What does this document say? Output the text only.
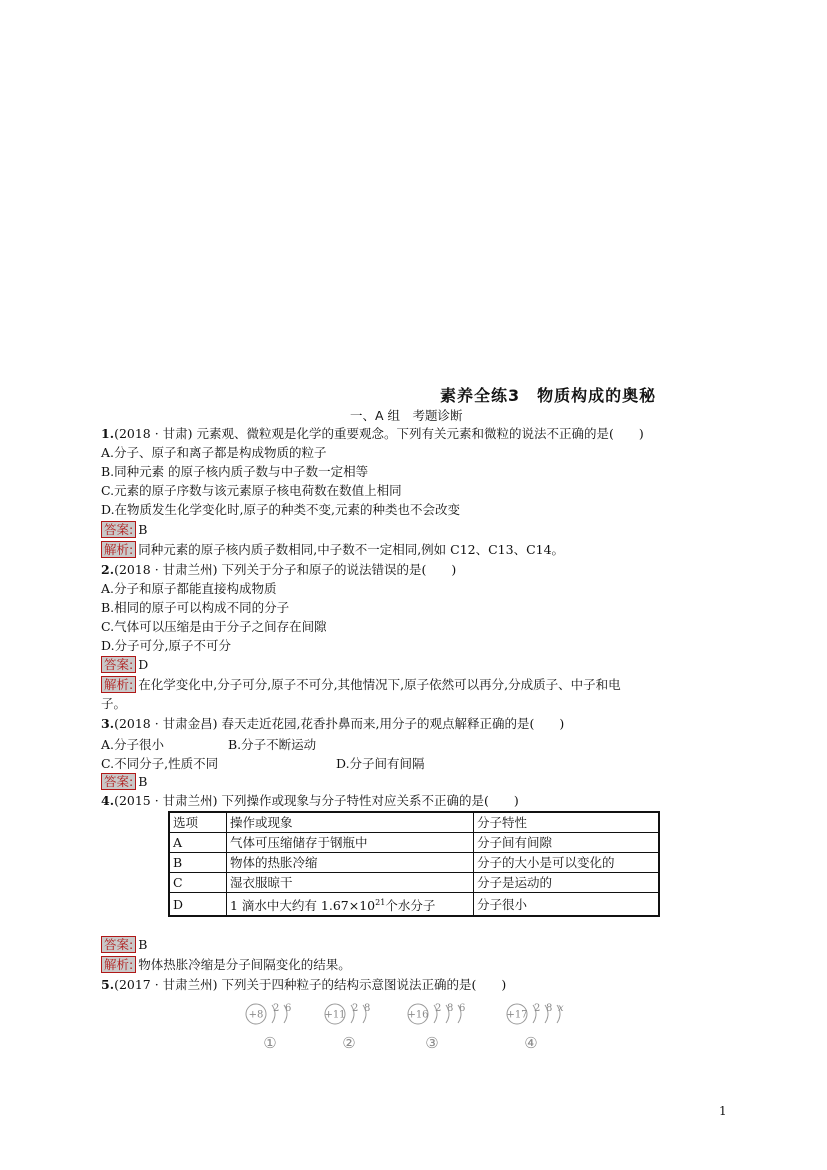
素养全练3　物质构成的奥秘
一、A 组　考题诊断
1.(2018 · 甘肃) 元素观、微粒观是化学的重要观念。下列有关元素和微粒的说法不正确的是(　　)
A.分子、原子和离子都是构成物质的粒子
B.同种元素 的原子核内质子数与中子数一定相等
C.元素的原子序数与该元素原子核电荷数在数值上相同
D.在物质发生化学变化时,原子的种类不变,元素的种类也不会改变
答案: B
解析: 同种元素的原子核内质子数相同,中子数不一定相同,例如 C12、C13、C14。
2.(2018 · 甘肃兰州) 下列关于分子和原子的说法错误的是(　　)
A.分子和原子都能直接构成物质
B.相同的原子可以构成不同的分子
C.气体可以压缩是由于分子之间存在间隙
D.分子可分,原子不可分
答案: D
解析: 在化学变化中,分子可分,原子不可分,其他情况下,原子依然可以再分,分成质子、中子和电
子。
3.(2018 · 甘肃金昌) 春天走近花园,花香扑鼻而来,用分子的观点解释正确的是(　　)
A.分子很小	B.分子不断运动
C.不同分子,性质不同	D.分子间有间隔
答案: B
4.(2015 · 甘肃兰州) 下列操作或现象与分子特性对应关系不正确的是(　　)
选项	操作或现象	分子特性
A	气体可压缩储存于钢瓶中	分子间有间隙
B	物体的热胀冷缩	分子的大小是可以变化的
C	湿衣服晾干	分子是运动的
D	1 滴水中大约有 $1.67\times 10^{21}$个水分子	分子很小
答案: B
解析: 物体热胀冷缩是分子间隔变化的结果。
5.(2017 · 甘肃兰州) 下列关于四种粒子的结构示意图说法正确的是(　　)
+8
2 6
①
+11
2 8
②
+16
2 8 6
③
+17
2 8 x
④
1
